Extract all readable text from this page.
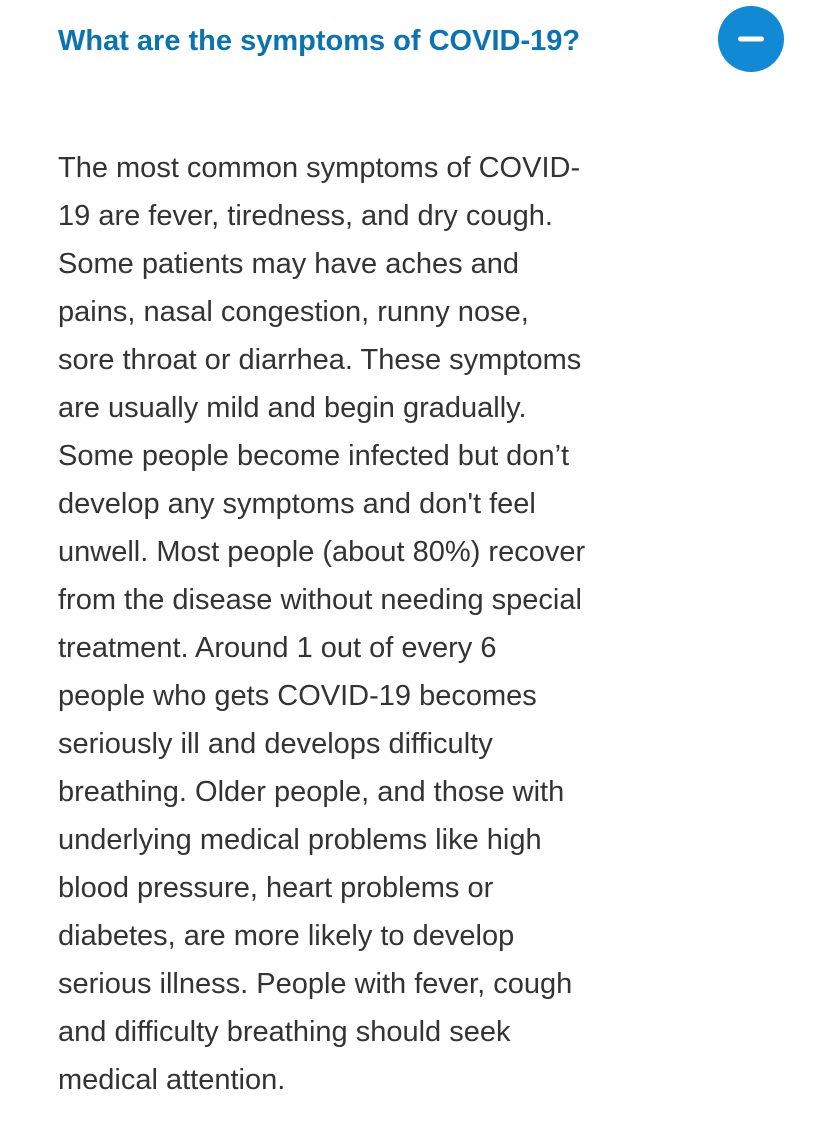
What are the symptoms of COVID-19?
The most common symptoms of COVID-
19 are fever, tiredness, and dry cough.
Some patients may have aches and
pains, nasal congestion, runny nose,
sore throat or diarrhea. These symptoms
are usually mild and begin gradually.
Some people become infected but don’t
develop any symptoms and don't feel
unwell. Most people (about 80%) recover
from the disease without needing special
treatment. Around 1 out of every 6
people who gets COVID-19 becomes
seriously ill and develops difficulty
breathing. Older people, and those with
underlying medical problems like high
blood pressure, heart problems or
diabetes, are more likely to develop
serious illness. People with fever, cough
and difficulty breathing should seek
medical attention.
